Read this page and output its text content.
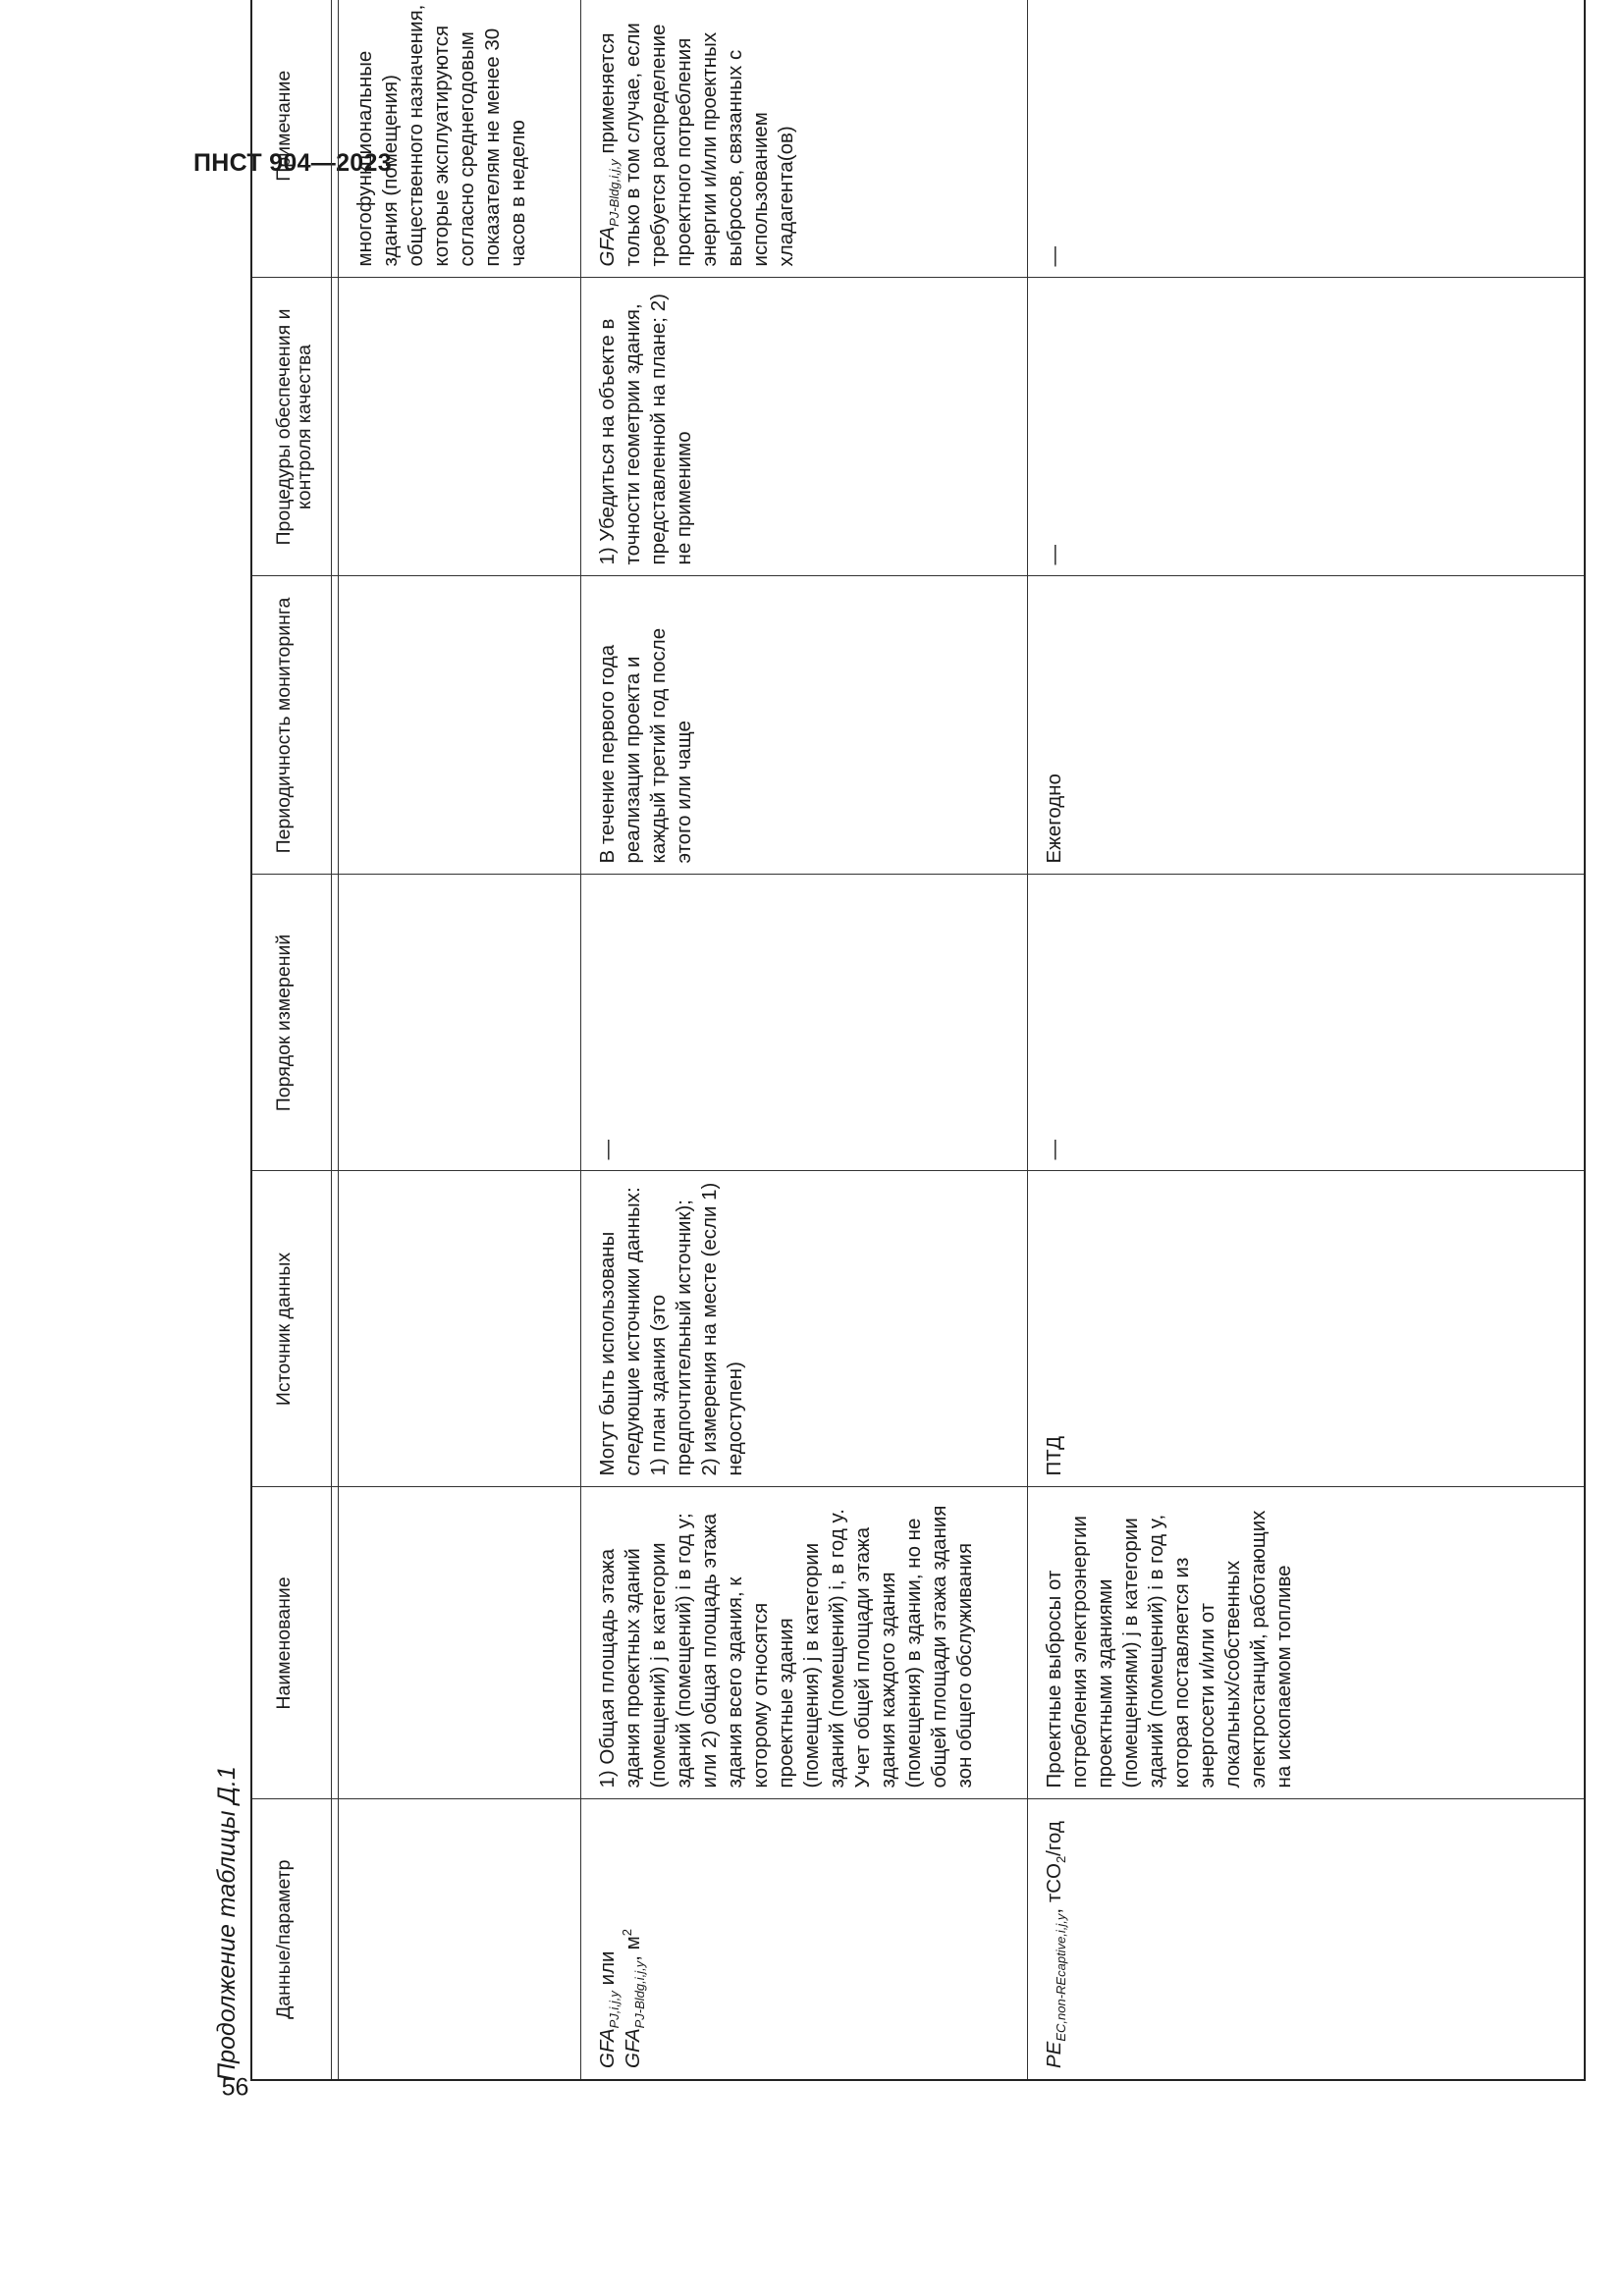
ПНСТ 904—2023
56
Продолжение таблицы Д.1 Данные/параметр	Наименование	Источник данных	Порядок измерений	Периодичность мониторинга	Процедуры обеспечения и контроля качества	Примечание

						многофункциональные здания (помещения) общественного назначения, которые эксплуатируются согласно среднегодовым показателям не менее 30 часов в неделю
$GFA_{PJ,i,j,y}$ или
$GFA_{PJ-Bldg,i,j,y}$, $м^2$	1) Общая площадь этажа здания проектных зданий (помещений) j в категории зданий (помещений) i в год y; или 2) общая площадь этажа здания всего здания, к которому относятся проектные здания (помещения) j в категории зданий (помещений) i, в год y. Учет общей площади этажа здания каждого здания (помещения) в здании, но не общей площади этажа здания зон общего обслуживания	Могут быть использованы следующие источники данных: 1) план здания (это предпочтительный источник); 2) измерения на месте (если 1) недоступен)	—	В течение первого года реализации проекта и каждый третий год после этого или чаще	1) Убедиться на объекте в точности геометрии здания, представленной на плане; 2) не применимо	$GFA_{PJ-Bldg,i,j,y}$ применяется только в том случае, если требуется распределение проектного потребления энергии и/или проектных выбросов, связанных с использованием хладагента(ов)
$PE_{EC,non-REcaptive,i,j,y}$, тCO$_2$/год	Проектные выбросы от потребления электроэнергии проектными зданиями (помещениями) j в категории зданий (помещений) i в год y, которая поставляется из энергосети и/или от локальных/собственных электростанций, работающих на ископаемом топливе	ПТД	—	Ежегодно	—	—
